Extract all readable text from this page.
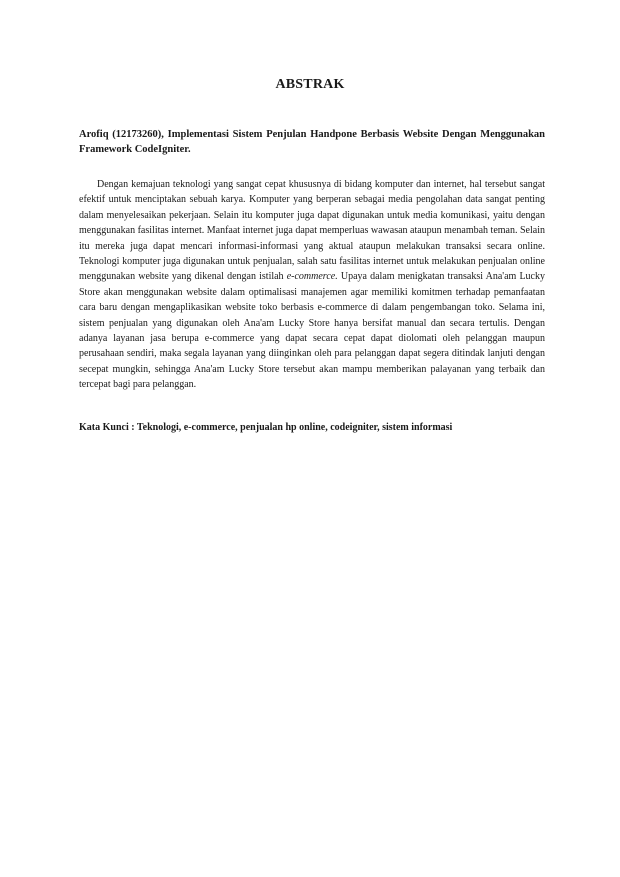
ABSTRAK

Arofiq (12173260), Implementasi Sistem Penjulan Handpone Berbasis Website Dengan Menggunakan Framework CodeIgniter.

Dengan kemajuan teknologi yang sangat cepat khususnya di bidang komputer dan internet, hal tersebut sangat efektif untuk menciptakan sebuah karya. Komputer yang berperan sebagai media pengolahan data sangat penting dalam menyelesaikan pekerjaan. Selain itu komputer juga dapat digunakan untuk media komunikasi, yaitu dengan menggunakan fasilitas internet. Manfaat internet juga dapat memperluas wawasan ataupun menambah teman. Selain itu mereka juga dapat mencari informasi-informasi yang aktual ataupun melakukan transaksi secara online. Teknologi komputer juga digunakan untuk penjualan, salah satu fasilitas internet untuk melakukan penjualan online menggunakan website yang dikenal dengan istilah e-commerce. Upaya dalam menigkatan transaksi Ana'am Lucky Store akan menggunakan website dalam optimalisasi manajemen agar memiliki komitmen terhadap pemanfaatan cara baru dengan mengaplikasikan website toko berbasis e-commerce di dalam pengembangan toko. Selama ini, sistem penjualan yang digunakan oleh Ana'am Lucky Store hanya bersifat manual dan secara tertulis. Dengan adanya layanan jasa berupa e-commerce yang dapat secara cepat dapat diolomati oleh pelanggan maupun perusahaan sendiri, maka segala layanan yang diinginkan oleh para pelanggan dapat segera ditindak lanjuti dengan secepat mungkin, sehingga Ana'am Lucky Store tersebut akan mampu memberikan palayanan yang terbaik dan tercepat bagi para pelanggan.

Kata Kunci : Teknologi, e-commerce, penjualan hp online, codeigniter, sistem informasi
